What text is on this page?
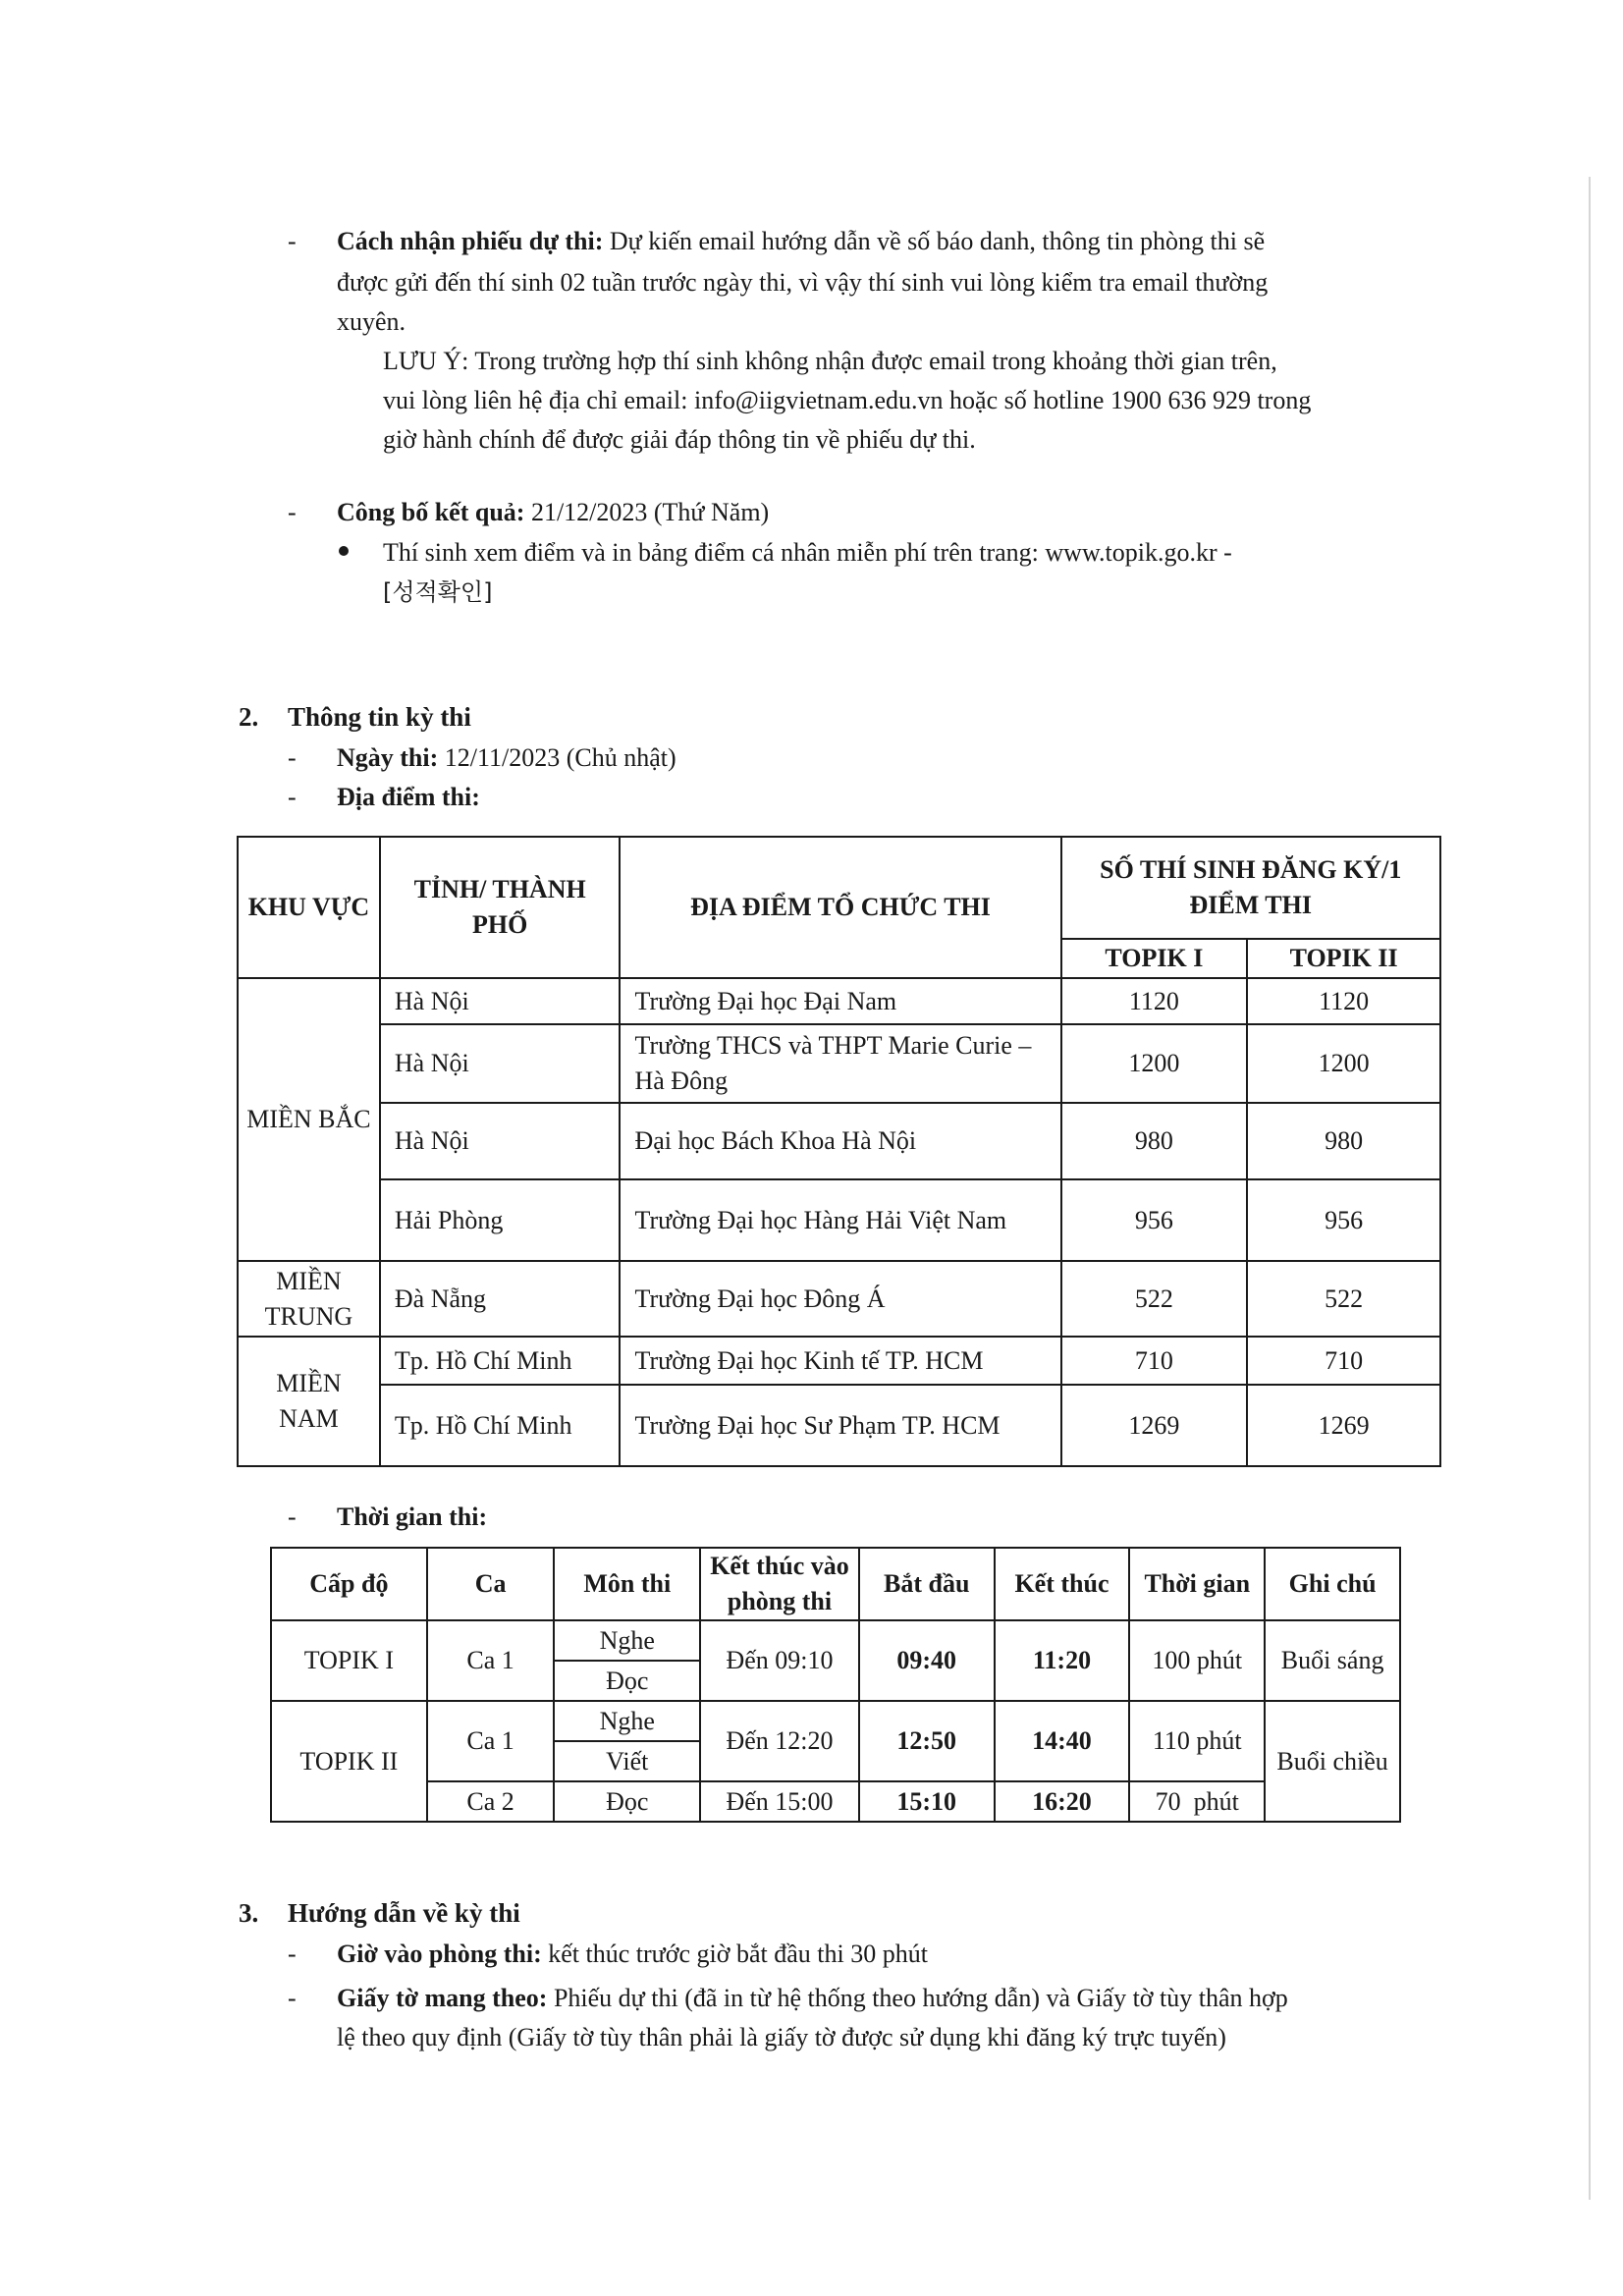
- Cách nhận phiếu dự thi: Dự kiến email hướng dẫn về số báo danh, thông tin phòng thi sẽ
được gửi đến thí sinh 02 tuần trước ngày thi, vì vậy thí sinh vui lòng kiểm tra email thường
xuyên.
LƯU Ý: Trong trường hợp thí sinh không nhận được email trong khoảng thời gian trên,
vui lòng liên hệ địa chỉ email: info@iigvietnam.edu.vn hoặc số hotline 1900 636 929 trong
giờ hành chính để được giải đáp thông tin về phiếu dự thi.
- Công bố kết quả: 21/12/2023 (Thứ Năm)
Thí sinh xem điểm và in bảng điểm cá nhân miễn phí trên trang: www.topik.go.kr -
[성적확인]
2. Thông tin kỳ thi
- Ngày thi: 12/11/2023 (Chủ nhật)
- Địa điểm thi:
KHU VỰC	TỈNH/ THÀNH PHỐ	ĐỊA ĐIỂM TỔ CHỨC THI	SỐ THÍ SINH ĐĂNG KÝ/1 ĐIỂM THI	
			TOPIK I	TOPIK II
MIỀN BẮC	Hà Nội	Trường Đại học Đại Nam	1120	1120
	Hà Nội	Trường THCS và THPT Marie Curie – Hà Đông	1200	1200
	Hà Nội	Đại học Bách Khoa Hà Nội	980	980
	Hải Phòng	Trường Đại học Hàng Hải Việt Nam	956	956
MIỀN TRUNG	Đà Nẵng	Trường Đại học Đông Á	522	522
MIỀN NAM	Tp. Hồ Chí Minh	Trường Đại học Kinh tế TP. HCM	710	710
	Tp. Hồ Chí Minh	Trường Đại học Sư Phạm TP. HCM	1269	1269
- Thời gian thi:
Cấp độ	Ca	Môn thi	Kết thúc vào phòng thi	Bắt đầu	Kết thúc	Thời gian	Ghi chú
TOPIK I	Ca 1	Nghe	Đến 09:10	09:40	11:20	100 phút	Buổi sáng
		Đọc					
TOPIK II	Ca 1	Nghe	Đến 12:20	12:50	14:40	110 phút	Buổi chiều
		Viết					
	Ca 2	Đọc	Đến 15:00	15:10	16:20	70  phút	
3. Hướng dẫn về kỳ thi
- Giờ vào phòng thi: kết thúc trước giờ bắt đầu thi 30 phút
- Giấy tờ mang theo: Phiếu dự thi (đã in từ hệ thống theo hướng dẫn) và Giấy tờ tùy thân hợp
lệ theo quy định (Giấy tờ tùy thân phải là giấy tờ được sử dụng khi đăng ký trực tuyến)
